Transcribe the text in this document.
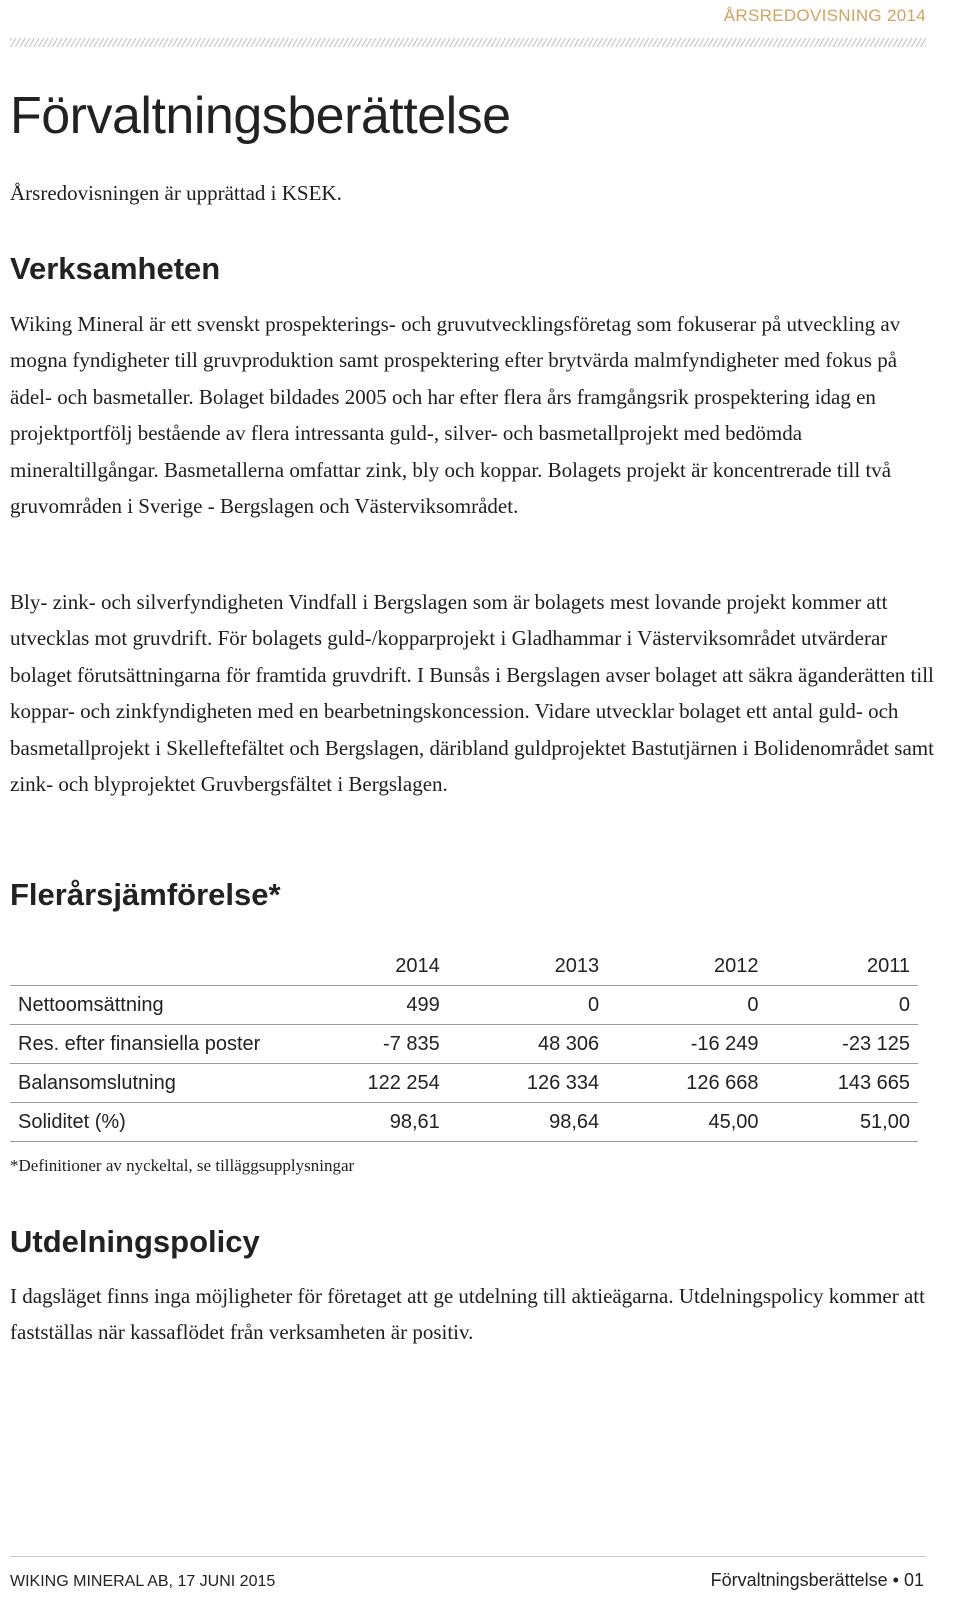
ÅRSREDOVISNING 2014
Förvaltningsberättelse

Årsredovisningen är upprättad i KSEK.

Verksamheten

Wiking Mineral är ett svenskt prospekterings- och gruvutvecklingsföretag som fokuserar på utveckling av mogna fyndigheter till gruvproduktion samt prospektering efter brytvärda malmfyndigheter med fokus på ädel- och basmetaller. Bolaget bildades 2005 och har efter flera års framgångsrik prospektering idag en projektportfölj bestående av flera intressanta guld-, silver- och basmetallprojekt med bedömda mineraltillgångar. Basmetallerna omfattar zink, bly och koppar. Bolagets projekt är koncentrerade till två gruvområden i Sverige - Bergslagen och Västerviksområdet.

Bly- zink- och silverfyndigheten Vindfall i Bergslagen som är bolagets mest lovande projekt kommer att utvecklas mot gruvdrift. För bolagets guld-/kopparprojekt i Gladhammar i Västerviksområdet utvärderar bolaget förutsättningarna för framtida gruvdrift. I Bunsås i Bergslagen avser bolaget att säkra äganderätten till koppar- och zinkfyndigheten med en bearbetningskoncession. Vidare utvecklar bolaget ett antal guld- och basmetallprojekt i Skelleftefältet och Bergslagen, däribland guldprojektet Bastutjärnen i Bolidenområdet samt zink- och blyprojektet Gruvbergsfältet i Bergslagen.

Flerårsjämförelse*
	2014	2013	2012	2011
Nettoomsättning	499	0	0	0
Res. efter finansiella poster	-7 835	48 306	-16 249	-23 125
Balansomslutning	122 254	126 334	126 668	143 665
Soliditet (%)	98,61	98,64	45,00	51,00

*Definitioner av nyckeltal, se tilläggsupplysningar

Utdelningspolicy

I dagsläget finns inga möjligheter för företaget att ge utdelning till aktieägarna. Utdelningspolicy kommer att fastställas när kassaflödet från verksamheten är positiv.

WIKING MINERAL AB, 17 JUNI 2015	Förvaltningsberättelse • 01
